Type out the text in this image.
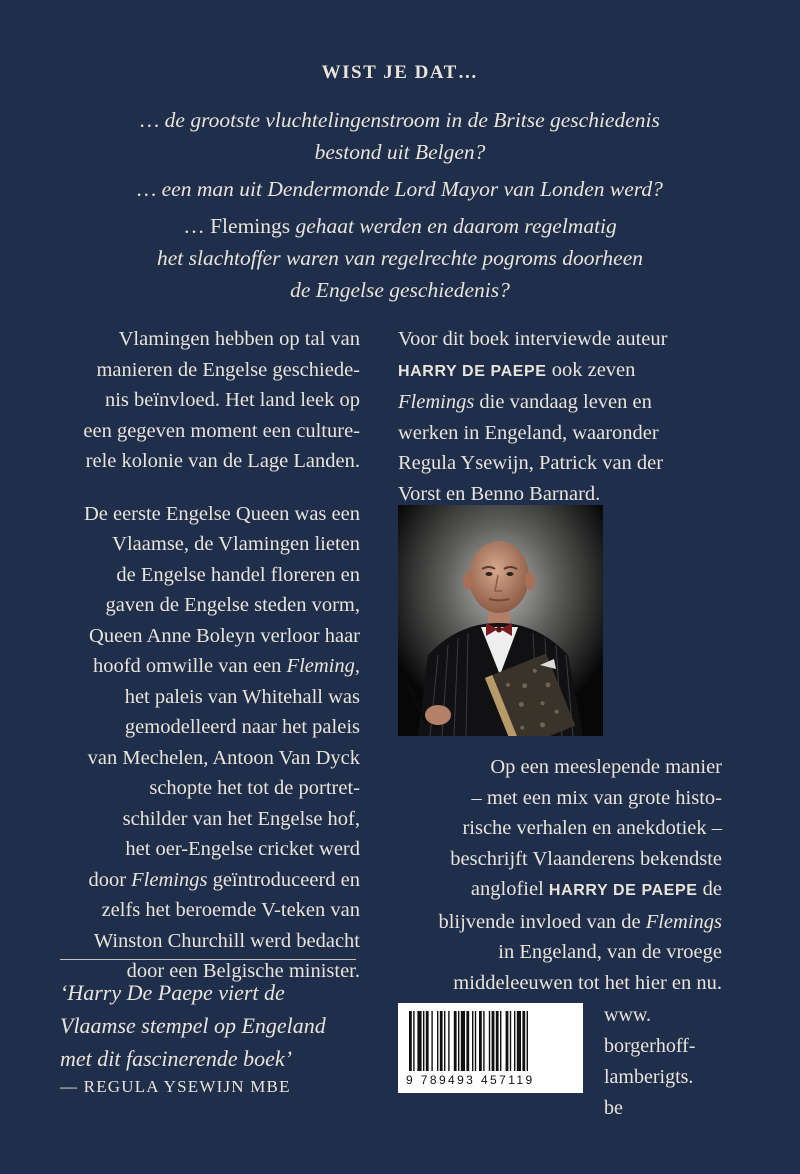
WIST JE DAT…
… de grootste vluchtelingenstroom in de Britse geschiedenis
bestond uit Belgen?
… een man uit Dendermonde Lord Mayor van Londen werd?
… Flemings gehaat werden en daarom regelmatig
het slachtoffer waren van regelrechte pogroms doorheen
de Engelse geschiedenis?

Vlamingen hebben op tal van
manieren de Engelse geschiede-
nis beïnvloed. Het land leek op
een gegeven moment een culture-
rele kolonie van de Lage Landen.

De eerste Engelse Queen was een
Vlaamse, de Vlamingen lieten
de Engelse handel floreren en
gaven de Engelse steden vorm,
Queen Anne Boleyn verloor haar
hoofd omwille van een Fleming,
het paleis van Whitehall was
gemodelleerd naar het paleis
van Mechelen, Antoon Van Dyck
schopte het tot de portret-
schilder van het Engelse hof,
het oer-Engelse cricket werd
door Flemings geïntroduceerd en
zelfs het beroemde V-teken van
Winston Churchill werd bedacht
door een Belgische minister.

Voor dit boek interviewde auteur
HARRY DE PAEPE ook zeven
Flemings die vandaag leven en
werken in Engeland, waaronder
Regula Ysewijn, Patrick van der
Vorst en Benno Barnard.
Op een meeslepende manier
– met een mix van grote histo-
rische verhalen en anekdotiek –
beschrijft Vlaanderens bekendste
anglofiel HARRY DE PAEPE de
blijvende invloed van de Flemings
in Engeland, van de vroege
middeleeuwen tot het hier en nu.
‘Harry De Paepe viert de
Vlaamse stempel op Engeland
met dit fascinerende boek’
— REGULA YSEWIJN MBE	9 789493 457119
www.
borgerhoff-
lamberigts.
be
